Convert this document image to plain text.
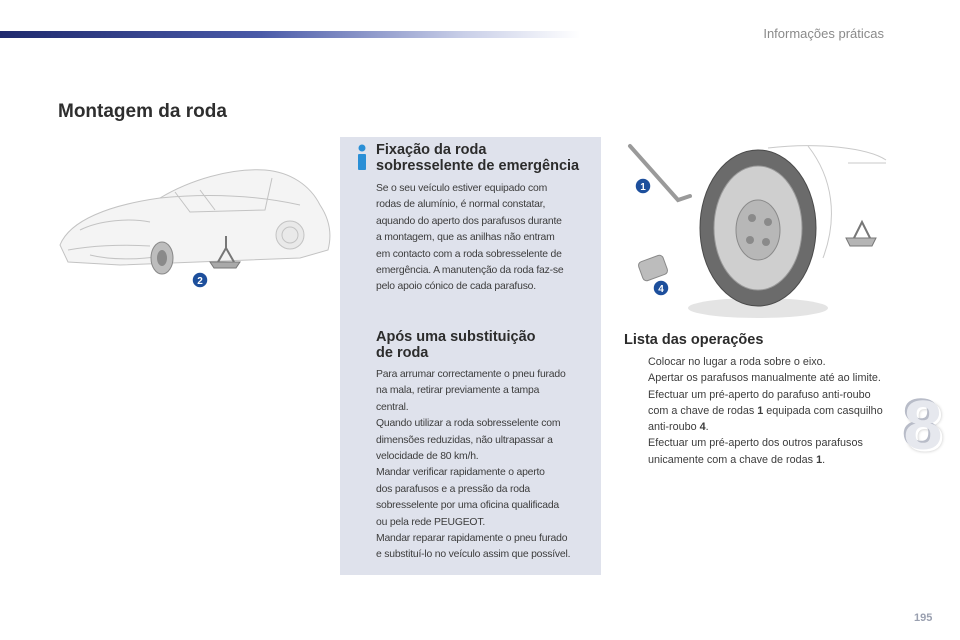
Informações práticas
Montagem da roda
2
Fixação da roda
sobresselente de emergência

Se o seu veículo estiver equipado com
rodas de alumínio, é normal constatar,
aquando do aperto dos parafusos durante
a montagem, que as anilhas não entram
em contacto com a roda sobresselente de
emergência. A manutenção da roda faz-se
pelo apoio cónico de cada parafuso.

Após uma substituição
de roda

Para arrumar correctamente o pneu furado
na mala, retirar previamente a tampa
central.
Quando utilizar a roda sobresselente com
dimensões reduzidas, não ultrapassar a
velocidade de 80 km/h.
Mandar verificar rapidamente o aperto
dos parafusos e a pressão da roda
sobresselente por uma oficina qualificada
ou pela rede PEUGEOT.
Mandar reparar rapidamente o pneu furado
e substituí-lo no veículo assim que possível.

1
4
Lista das operações
Colocar no lugar a roda sobre o eixo.
Apertar os parafusos manualmente até ao limite.
Efectuar um pré-aperto do parafuso anti-roubo com a chave de rodas 1 equipada com casquilho anti-roubo 4.
Efectuar um pré-aperto dos outros parafusos unicamente com a chave de rodas 1.	8
195
